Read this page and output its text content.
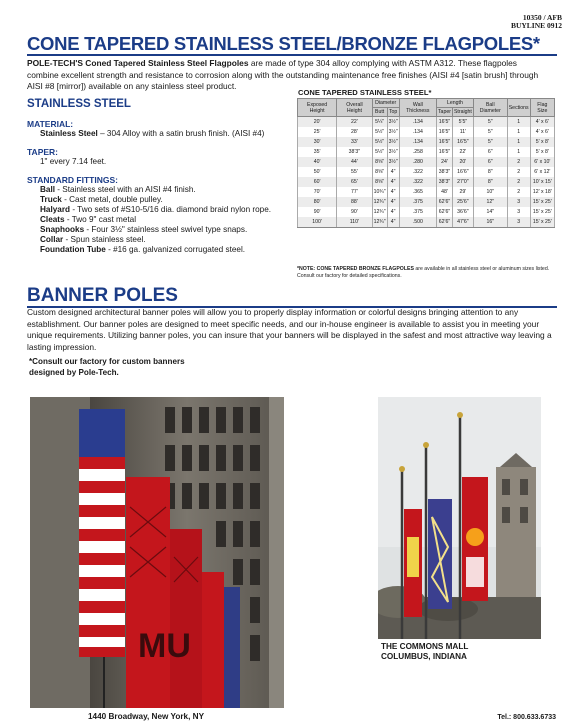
10350 / AFB
BUYLINE 0912
CONE TAPERED STAINLESS STEEL/BRONZE FLAGPOLES*
POLE-TECH'S Coned Tapered Stainless Steel Flagpoles are made of type 304 alloy complying with ASTM A312. These flagpoles combine excellent strength and resistance to corrosion along with the outstanding maintenance free finishes (AISI #4 [satin brush] through AISI #8 [mirror]) available on any stainless steel product.
STAINLESS STEEL
MATERIAL:
Stainless Steel – 304 Alloy with a satin brush finish. (AISI #4)
TAPER:
1" every 7.14 feet.
STANDARD FITTINGS:
Ball - Stainless steel with an AISI #4 finish.
Truck - Cast metal, double pulley.
Halyard - Two sets of #S10-5/16 dia. diamond braid nylon rope.
Cleats - Two 9" cast metal
Snaphooks - Four 3½" stainless steel swivel type snaps.
Collar - Spun stainless steel.
Foundation Tube - #16 ga. galvanized corrugated steel.
CONE TAPERED STAINLESS STEEL*
Exposed Height	Overall Height	Diameter		Wall Thickness	Length		Ball Diameter	Sections	Flag Size
		Butt	Top		Taper	Straight			
20'	22'	5¼"	3½"	.134	16'5"	5'5"	5"	1	4' x 6'
25'	28'	5½"	3½"	.134	16'5"	11'	5"	1	4' x 6'
30'	33'	5½"	3½"	.134	16'5"	16'5"	5"	1	5' x 8'
35'	38'3"	5½"	3½"	.258	16'5"	22'	6"	1	5' x 8'
40'	44'	8⅝"	3½"	.280	24'	20'	6"	2	6' x 10'
50'	55'	8⅝"	4"	.322	38'3"	16'6"	8"	2	6' x 12'
60'	65'	8⅝"	4"	.322	38'3"	27'0"	8"	2	10' x 15'
70'	77'	10¾"	4"	.365	48'	29'	10"	2	12' x 18'
80'	88'	12¾"	4"	.375	62'6"	25'6"	12"	3	15' x 25'
90'	90'	12¾"	4"	.375	62'6"	36'6"	14"	3	15' x 25'
100'	110'	12¾"	4"	.500	62'6"	47'6"	16"	3	15' x 25'
*NOTE: CONE TAPERED BRONZE FLAGPOLES are available in all stainless steel or aluminum sizes listed. Consult our factory for detailed specifications.
BANNER POLES
Custom designed architectural banner poles will allow you to properly display information or colorful designs bringing attention to any establishment. Our banner poles are designed to meet specific needs, and our in-house engineer is available to assist you in meeting your unique requirements. Utilizing banner poles, you can insure that your banners will be displayed in the safest and most attractive way leaving a lasting impression.
*Consult our factory for custom banners
designed by Pole-Tech.
MU
1440 Broadway, New York, NY
THE COMMONS MALL
COLUMBUS, INDIANA
Tel.: 800.633.6733
